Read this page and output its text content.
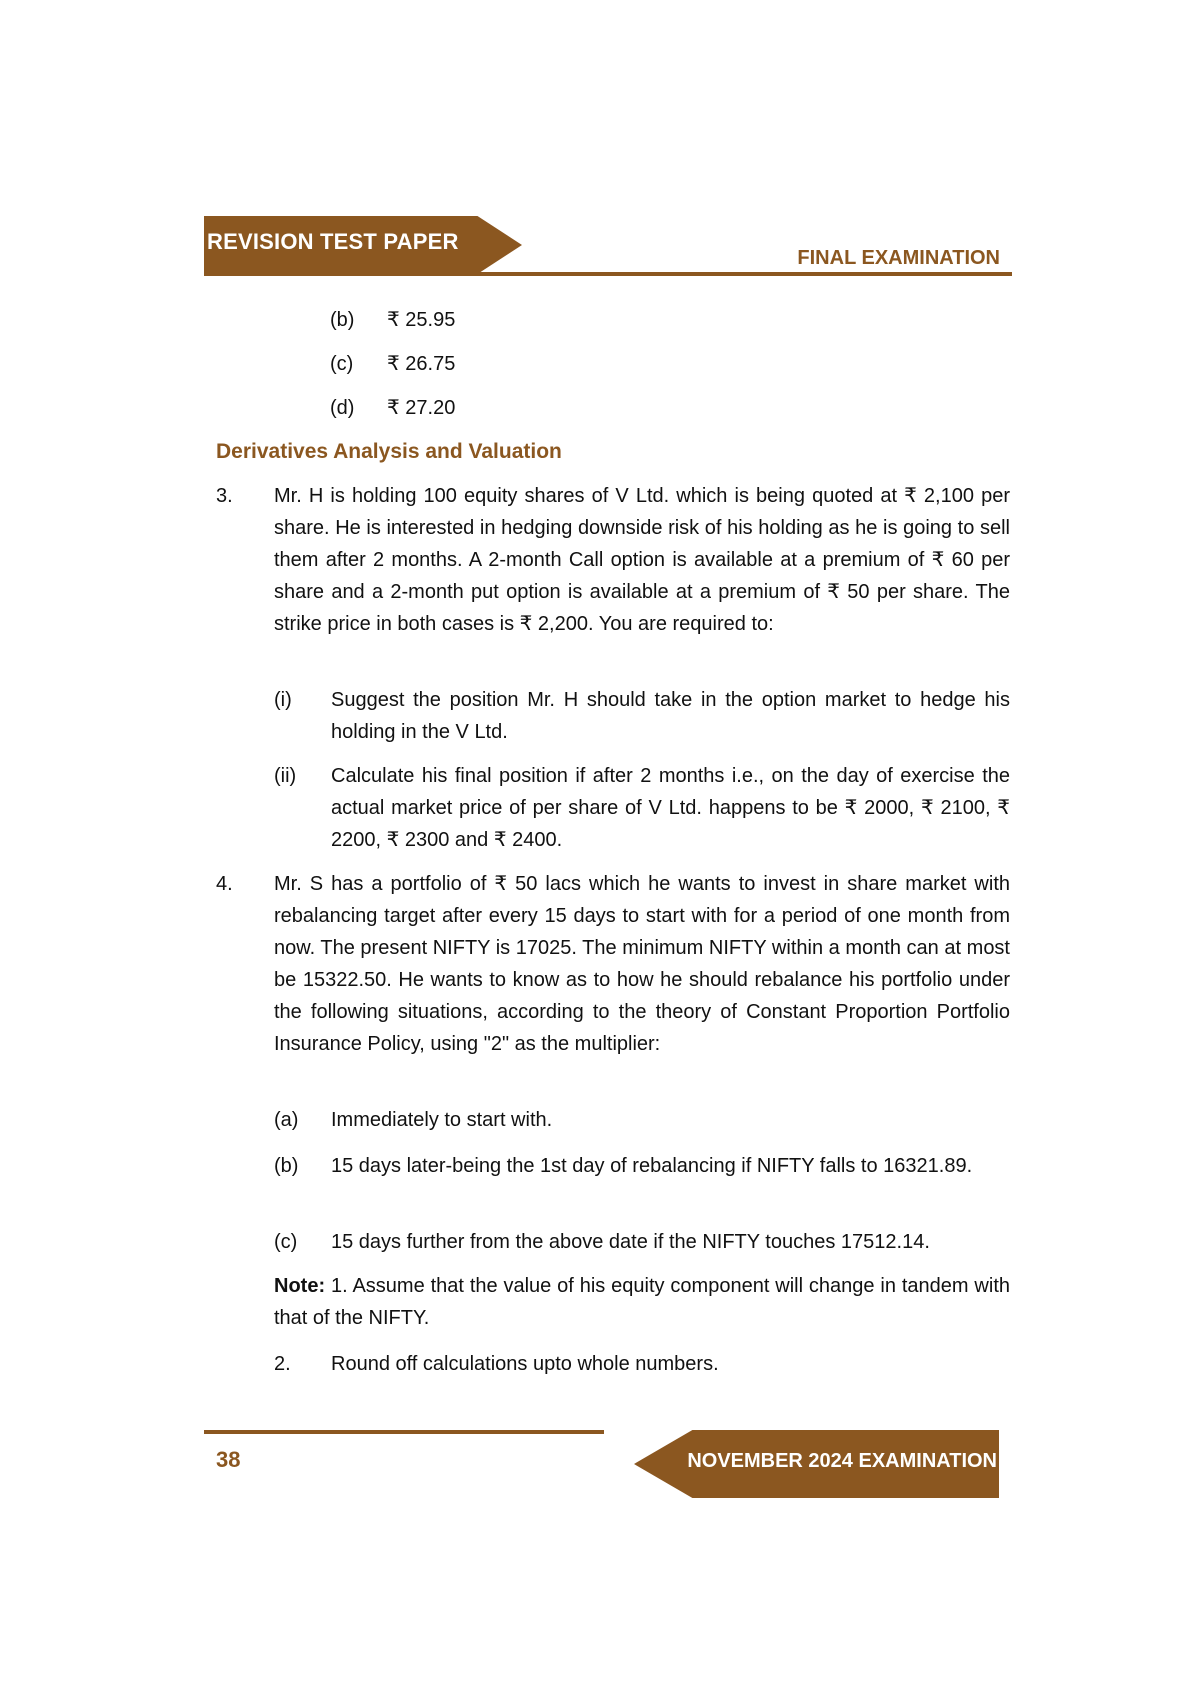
REVISION TEST PAPER
FINAL EXAMINATION
(b) ₹ 25.95
(c) ₹ 26.75
(d) ₹ 27.20
Derivatives Analysis and Valuation
3. Mr. H is holding 100 equity shares of V Ltd. which is being quoted at ₹ 2,100 per share. He is interested in hedging downside risk of his holding as he is going to sell them after 2 months. A 2-month Call option is available at a premium of ₹ 60 per share and a 2-month put option is available at a premium of ₹ 50 per share. The strike price in both cases is ₹ 2,200. You are required to:
(i) Suggest the position Mr. H should take in the option market to hedge his holding in the V Ltd.
(ii) Calculate his final position if after 2 months i.e., on the day of exercise the actual market price of per share of V Ltd. happens to be ₹ 2000, ₹ 2100, ₹ 2200, ₹ 2300 and ₹ 2400.
4. Mr. S has a portfolio of ₹ 50 lacs which he wants to invest in share market with rebalancing target after every 15 days to start with for a period of one month from now. The present NIFTY is 17025. The minimum NIFTY within a month can at most be 15322.50. He wants to know as to how he should rebalance his portfolio under the following situations, according to the theory of Constant Proportion Portfolio Insurance Policy, using "2" as the multiplier:
(a) Immediately to start with.
(b) 15 days later-being the 1st day of rebalancing if NIFTY falls to 16321.89.
(c) 15 days further from the above date if the NIFTY touches 17512.14.
Note: 1. Assume that the value of his equity component will change in tandem with that of the NIFTY.
2. Round off calculations upto whole numbers.
38	NOVEMBER 2024 EXAMINATION
